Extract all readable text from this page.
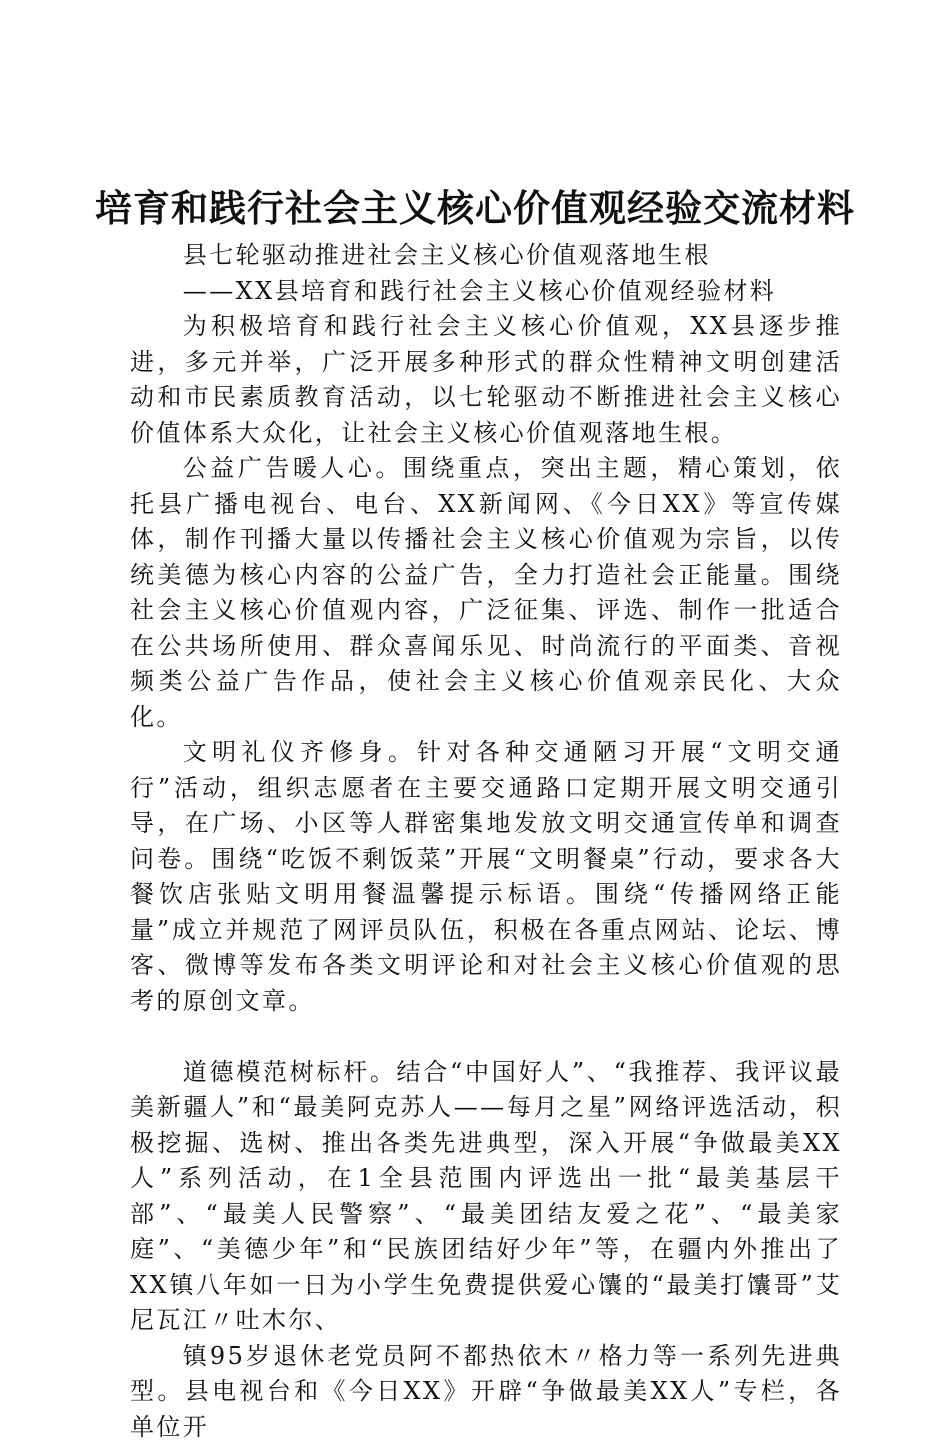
培育和践行社会主义核心价值观经验交流材料

县七轮驱动推进社会主义核心价值观落地生根

——XX县培育和践行社会主义核心价值观经验材料

为积极培育和践行社会主义核心价值观，XX县逐步推进，多元并举，广泛开展多种形式的群众性精神文明创建活动和市民素质教育活动，以七轮驱动不断推进社会主义核心价值体系大众化，让社会主义核心价值观落地生根。

公益广告暖人心。围绕重点，突出主题，精心策划，依托县广播电视台、电台、XX新闻网、《今日XX》等宣传媒体，制作刊播大量以传播社会主义核心价值观为宗旨，以传统美德为核心内容的公益广告，全力打造社会正能量。围绕社会主义核心价值观内容，广泛征集、评选、制作一批适合在公共场所使用、群众喜闻乐见、时尚流行的平面类、音视频类公益广告作品，使社会主义核心价值观亲民化、大众化。

文明礼仪齐修身。针对各种交通陋习开展“文明交通行”活动，组织志愿者在主要交通路口定期开展文明交通引导，在广场、小区等人群密集地发放文明交通宣传单和调查问卷。围绕“吃饭不剩饭菜”开展“文明餐桌”行动，要求各大餐饮店张贴文明用餐温馨提示标语。围绕“传播网络正能量”成立并规范了网评员队伍，积极在各重点网站、论坛、博客、微博等发布各类文明评论和对社会主义核心价值观的思考的原创文章。

道德模范树标杆。结合“中国好人”、“我推荐、我评议最美新疆人”和“最美阿克苏人——每月之星”网络评选活动，积极挖掘、选树、推出各类先进典型，深入开展“争做最美XX人”系列活动，在1全县范围内评选出一批“最美基层干部”、“最美人民警察”、“最美团结友爱之花”、“最美家庭”、“美德少年”和“民族团结好少年”等，在疆内外推出了XX镇八年如一日为小学生免费提供爱心馕的“最美打馕哥”艾尼瓦江〃吐木尔、

镇95岁退休老党员阿不都热依木〃格力等一系列先进典型。县电视台和《今日XX》开辟“争做最美XX人”专栏，各单位开
